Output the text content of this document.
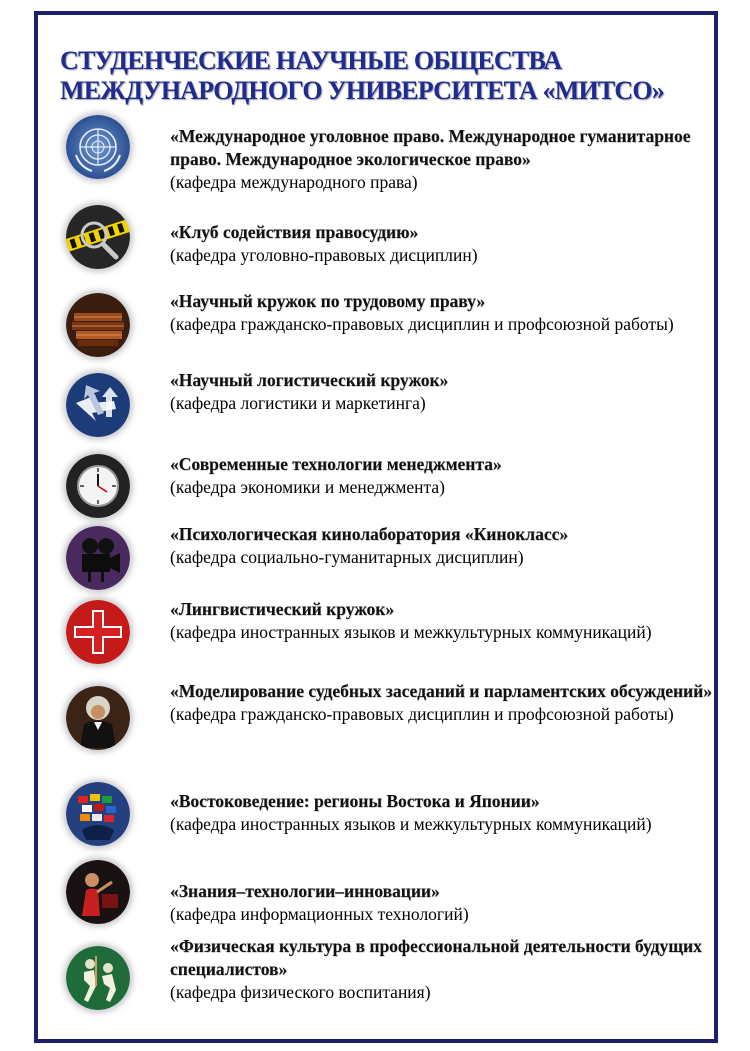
СТУДЕНЧЕСКИЕ НАУЧНЫЕ ОБЩЕСТВА
МЕЖДУНАРОДНОГО УНИВЕРСИТЕТА «МИТСО»
«Международное уголовное право. Международное гуманитарное право. Международное экологическое право»
(кафедра международного права)
«Клуб содействия правосудию»
(кафедра уголовно-правовых дисциплин)
«Научный кружок по трудовому праву»
(кафедра гражданско-правовых дисциплин и профсоюзной работы)
«Научный логистический кружок»
(кафедра логистики и маркетинга)
«Современные технологии менеджмента»
(кафедра экономики и менеджмента)
«Психологическая кинолаборатория «Кинокласс»
(кафедра социально-гуманитарных дисциплин)
«Лингвистический кружок»
(кафедра иностранных языков и межкультурных коммуникаций)
«Моделирование судебных заседаний и парламентских обсуждений»
(кафедра гражданско-правовых дисциплин и профсоюзной работы)
«Востоковедение: регионы Востока и Японии»
(кафедра иностранных языков и межкультурных коммуникаций)
«Знания–технологии–инновации»
(кафедра информационных технологий)
«Физическая культура в профессиональной деятельности будущих специалистов»
(кафедра физического воспитания)
